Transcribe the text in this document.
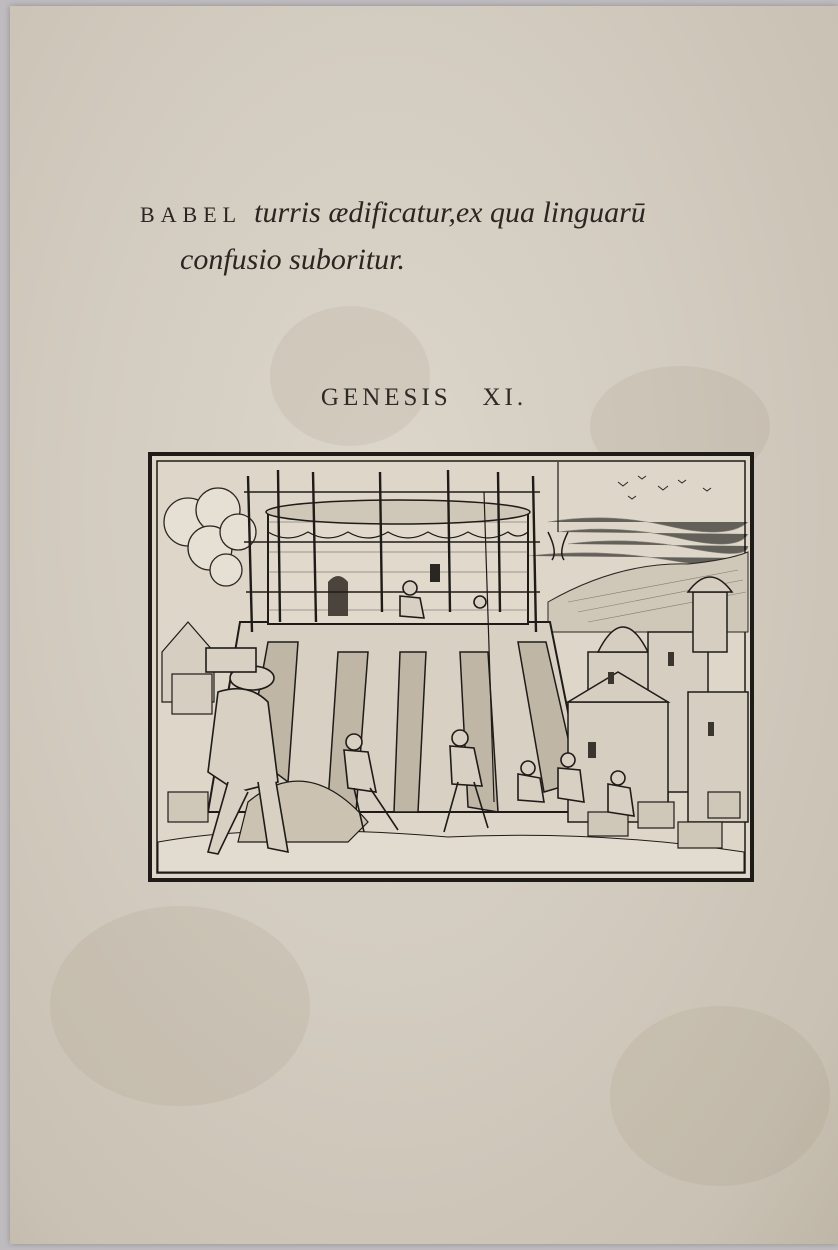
BABEL turris ædificatur,ex qua linguarū
confusio suboritur.
GENESIS   XI.
